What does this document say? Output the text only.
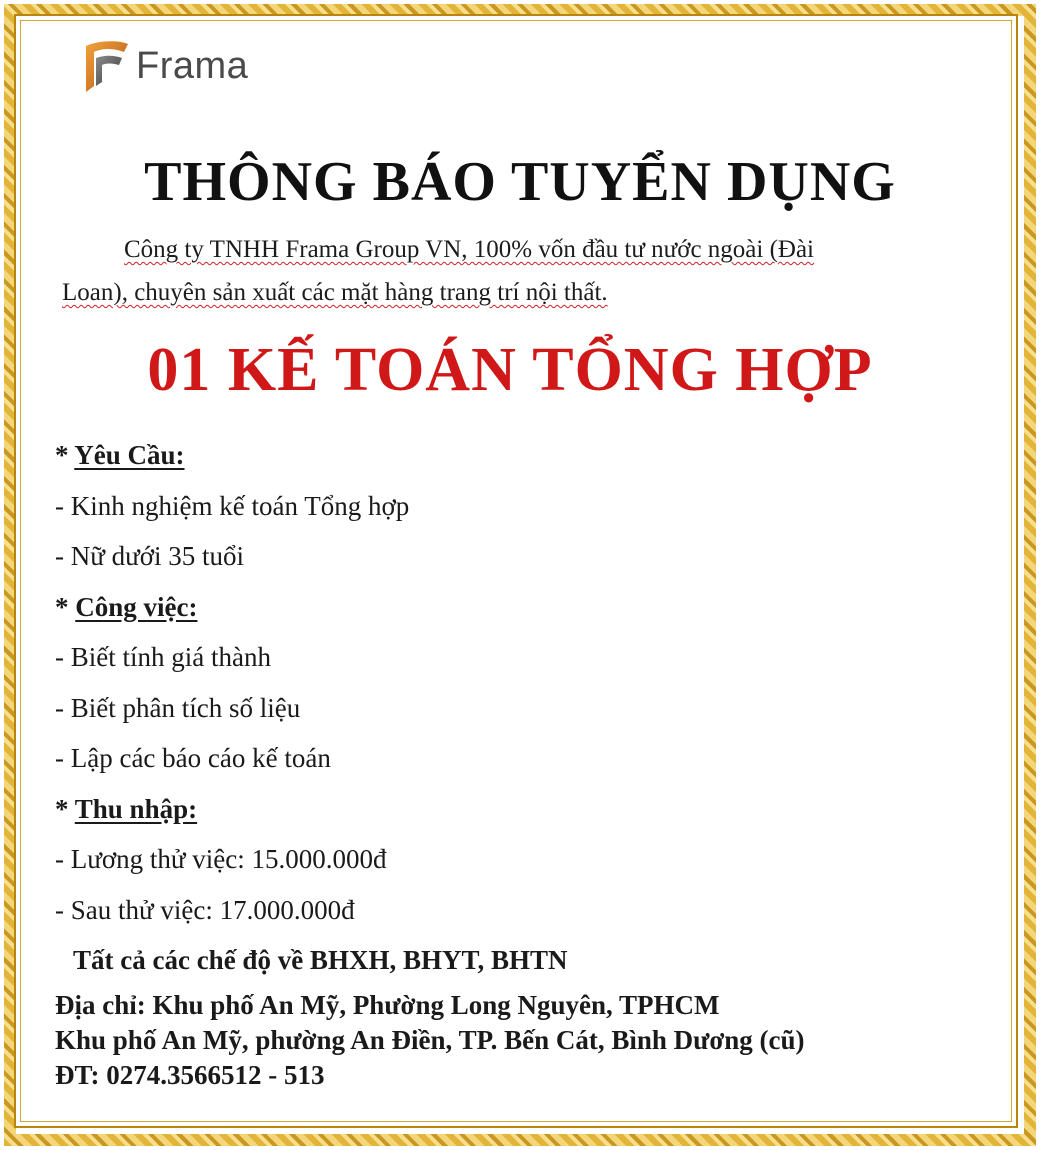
Frama
THÔNG BÁO TUYỂN DỤNG
Công ty TNHH Frama Group VN, 100% vốn đầu tư nước ngoài (Đài
Loan), chuyên sản xuất các mặt hàng trang trí nội thất.
01 KẾ TOÁN TỔNG HỢP
* Yêu Cầu:
- Kinh nghiệm kế toán Tổng hợp
- Nữ dưới 35 tuổi
* Công việc:
- Biết tính giá thành
- Biết phân tích số liệu
- Lập các báo cáo kế toán
* Thu nhập:
- Lương thử việc: 15.000.000đ
- Sau thử việc: 17.000.000đ
Tất cả các chế độ về BHXH, BHYT, BHTN
Địa chỉ: Khu phố An Mỹ, Phường Long Nguyên, TPHCM
Khu phố An Mỹ, phường An Điền, TP. Bến Cát, Bình Dương (cũ)
ĐT: 0274.3566512 - 513
